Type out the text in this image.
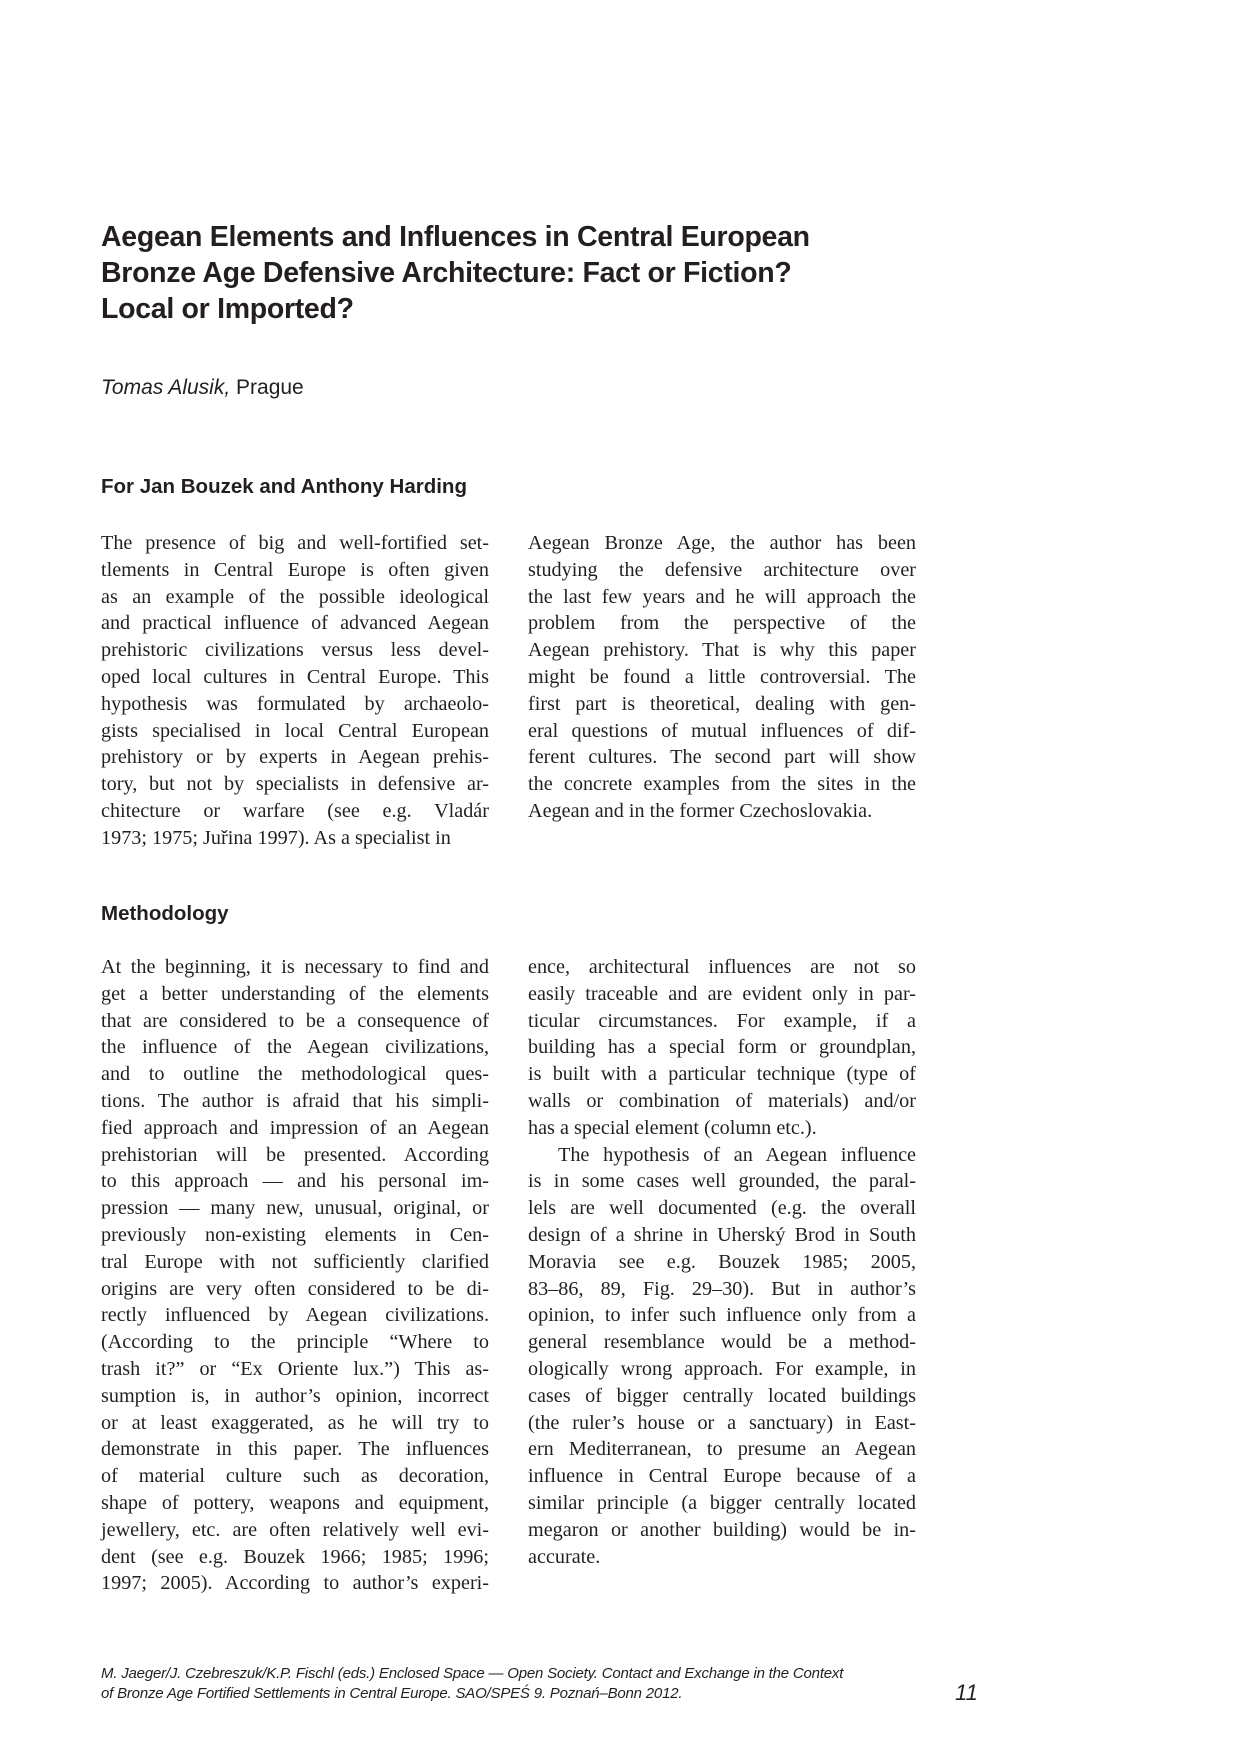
Aegean Elements and Influences in Central European
Bronze Age Defensive Architecture: Fact or Fiction?
Local or Imported?
Tomas Alusik, Prague
For Jan Bouzek and Anthony Harding
The presence of big and well-fortified set-
tlements in Central Europe is often given
as an example of the possible ideological
and practical influence of advanced Aegean
prehistoric civilizations versus less devel-
oped local cultures in Central Europe. This
hypothesis was formulated by archaeolo-
gists specialised in local Central European
prehistory or by experts in Aegean prehis-
tory, but not by specialists in defensive ar-
chitecture or warfare (see e.g. Vladár
1973; 1975; Juřina 1997). As a specialist in
Aegean Bronze Age, the author has been
studying the defensive architecture over
the last few years and he will approach the
problem from the perspective of the
Aegean prehistory. That is why this paper
might be found a little controversial. The
first part is theoretical, dealing with gen-
eral questions of mutual influences of dif-
ferent cultures. The second part will show
the concrete examples from the sites in the
Aegean and in the former Czechoslovakia.
Methodology
At the beginning, it is necessary to find and
get a better understanding of the elements
that are considered to be a consequence of
the influence of the Aegean civilizations,
and to outline the methodological ques-
tions. The author is afraid that his simpli-
fied approach and impression of an Aegean
prehistorian will be presented. According
to this approach — and his personal im-
pression — many new, unusual, original, or
previously non-existing elements in Cen-
tral Europe with not sufficiently clarified
origins are very often considered to be di-
rectly influenced by Aegean civilizations.
(According to the principle “Where to
trash it?” or “Ex Oriente lux.”) This as-
sumption is, in author’s opinion, incorrect
or at least exaggerated, as he will try to
demonstrate in this paper. The influences
of material culture such as decoration,
shape of pottery, weapons and equipment,
jewellery, etc. are often relatively well evi-
dent (see e.g. Bouzek 1966; 1985; 1996;
1997; 2005). According to author’s experi-
ence, architectural influences are not so
easily traceable and are evident only in par-
ticular circumstances. For example, if a
building has a special form or groundplan,
is built with a particular technique (type of
walls or combination of materials) and/or
has a special element (column etc.).
The hypothesis of an Aegean influence
is in some cases well grounded, the paral-
lels are well documented (e.g. the overall
design of a shrine in Uherský Brod in South
Moravia see e.g. Bouzek 1985; 2005,
83–86, 89, Fig. 29–30). But in author’s
opinion, to infer such influence only from a
general resemblance would be a method-
ologically wrong approach. For example, in
cases of bigger centrally located buildings
(the ruler’s house or a sanctuary) in East-
ern Mediterranean, to presume an Aegean
influence in Central Europe because of a
similar principle (a bigger centrally located
megaron or another building) would be in-
accurate.
M. Jaeger/J. Czebreszuk/K.P. Fischl (eds.) Enclosed Space — Open Society. Contact and Exchange in the Context
of Bronze Age Fortified Settlements in Central Europe. SAO/SPEŚ 9. Poznań–Bonn 2012.	11
